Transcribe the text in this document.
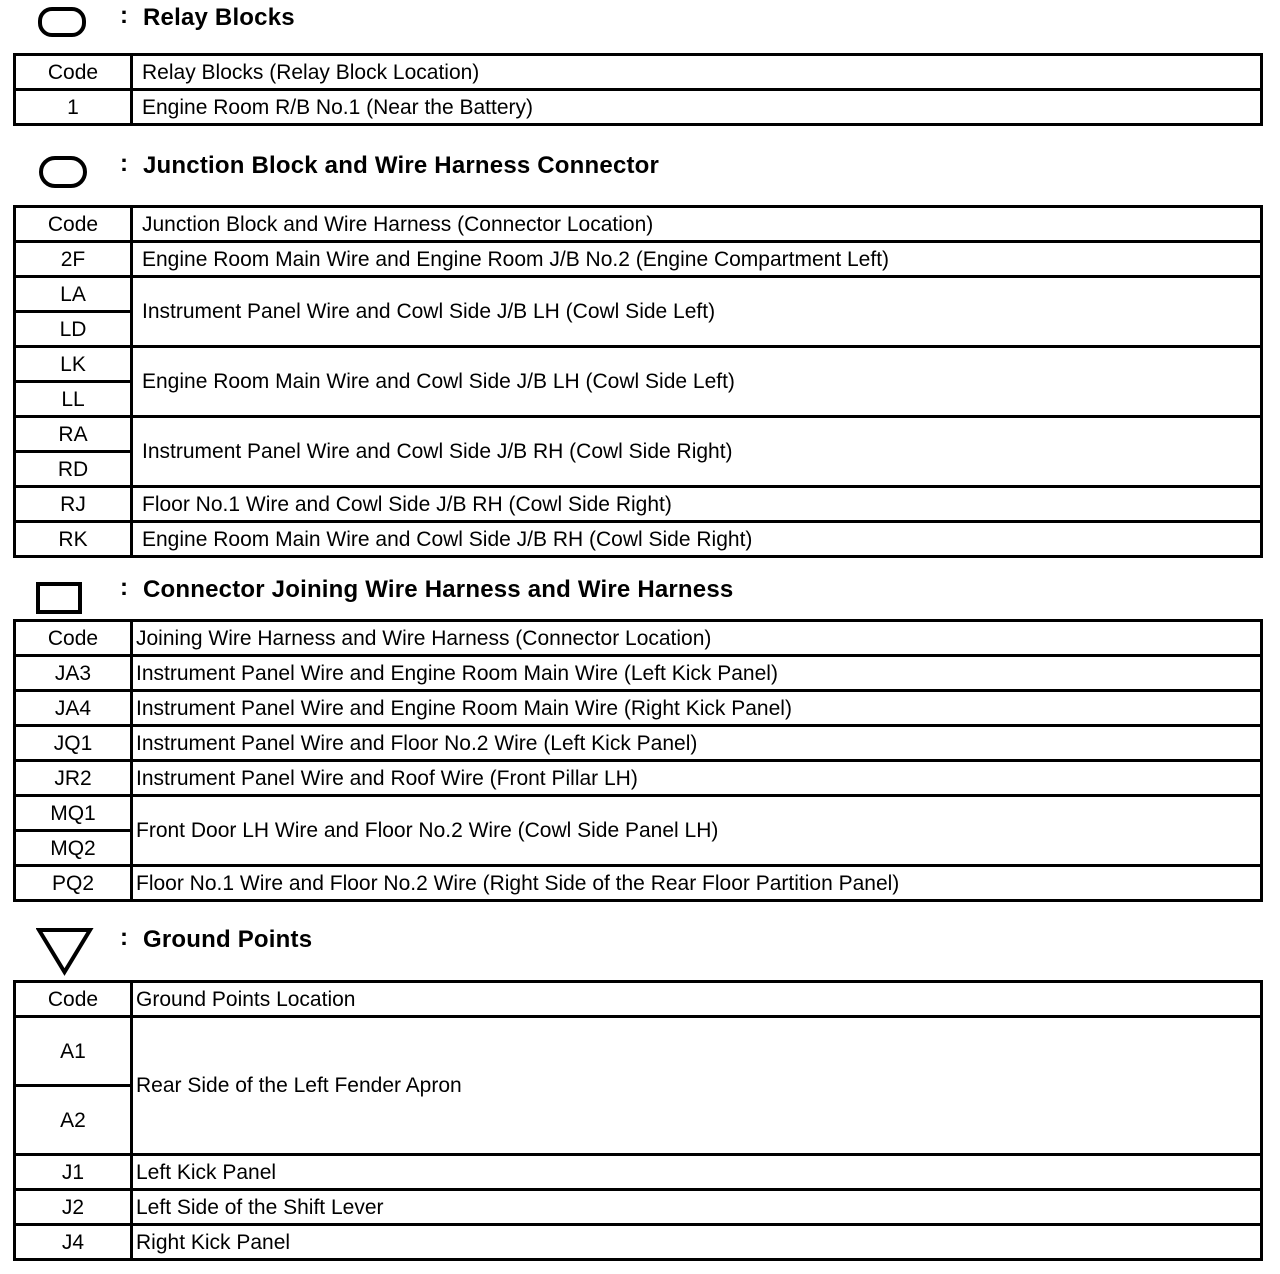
: Relay Blocks
Code	Relay Blocks (Relay Block Location)
1	Engine Room R/B No.1 (Near the Battery)
: Junction Block and Wire Harness Connector
Code	Junction Block and Wire Harness (Connector Location)
2F	Engine Room Main Wire and Engine Room J/B No.2 (Engine Compartment Left)
LA	Instrument Panel Wire and Cowl Side J/B LH (Cowl Side Left)
LD	
LK	Engine Room Main Wire and Cowl Side J/B LH (Cowl Side Left)
LL	
RA	Instrument Panel Wire and Cowl Side J/B RH (Cowl Side Right)
RD	
RJ	Floor No.1 Wire and Cowl Side J/B RH (Cowl Side Right)
RK	Engine Room Main Wire and Cowl Side J/B RH (Cowl Side Right)
: Connector Joining Wire Harness and Wire Harness
Code	Joining Wire Harness and Wire Harness (Connector Location)
JA3	Instrument Panel Wire and Engine Room Main Wire (Left Kick Panel)
JA4	Instrument Panel Wire and Engine Room Main Wire (Right Kick Panel)
JQ1	Instrument Panel Wire and Floor No.2 Wire (Left Kick Panel)
JR2	Instrument Panel Wire and Roof Wire (Front Pillar LH)
MQ1	Front Door LH Wire and Floor No.2 Wire (Cowl Side Panel LH)
MQ2	
PQ2	Floor No.1 Wire and Floor No.2 Wire (Right Side of the Rear Floor Partition Panel)
: Ground Points
Code	Ground Points Location
A1	Rear Side of the Left Fender Apron
A2	
J1	Left Kick Panel
J2	Left Side of the Shift Lever
J4	Right Kick Panel
